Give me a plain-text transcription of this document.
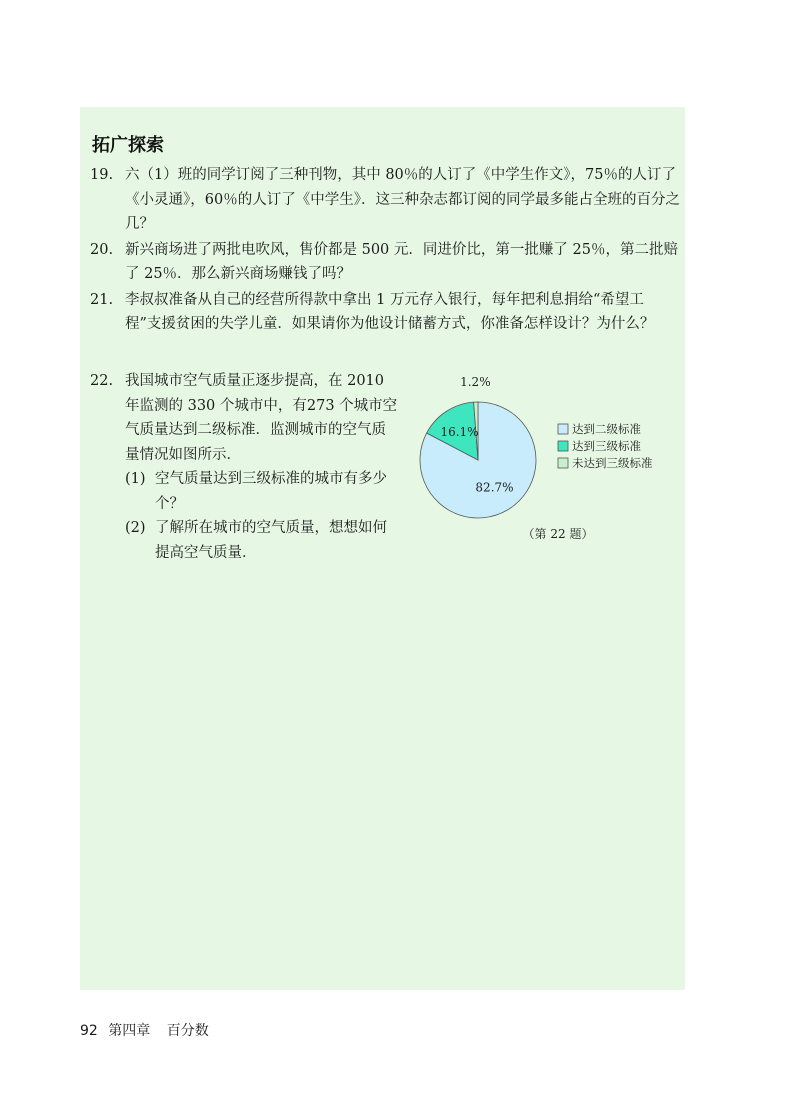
拓广探索
19. 六（1）班的同学订阅了三种刊物，其中 80％的人订了《中学生作文》，75％的人订了《小灵通》，60％的人订了《中学生》．这三种杂志都订阅的同学最多能占全班的百分之几？
20. 新兴商场进了两批电吹风，售价都是 500 元．同进价比，第一批赚了 25％，第二批赔了 25％．那么新兴商场赚钱了吗？
21. 李叔叔准备从自己的经营所得款中拿出 1 万元存入银行，每年把利息捐给“希望工程”支援贫困的失学儿童．如果请你为他设计储蓄方式，你准备怎样设计？为什么？
22. 我国城市空气质量正逐步提高，在 2010 年监测的 330 个城市中，有273 个城市空气质量达到二级标准．监测城市的空气质量情况如图所示．
(1) 空气质量达到三级标准的城市有多少个？
(2) 了解所在城市的空气质量，想想如何提高空气质量．
82.7%
16.1%
1.2%
达到二级标准
达到三级标准
未达到三级标准
（第 22 题）
92 第四章 百分数
